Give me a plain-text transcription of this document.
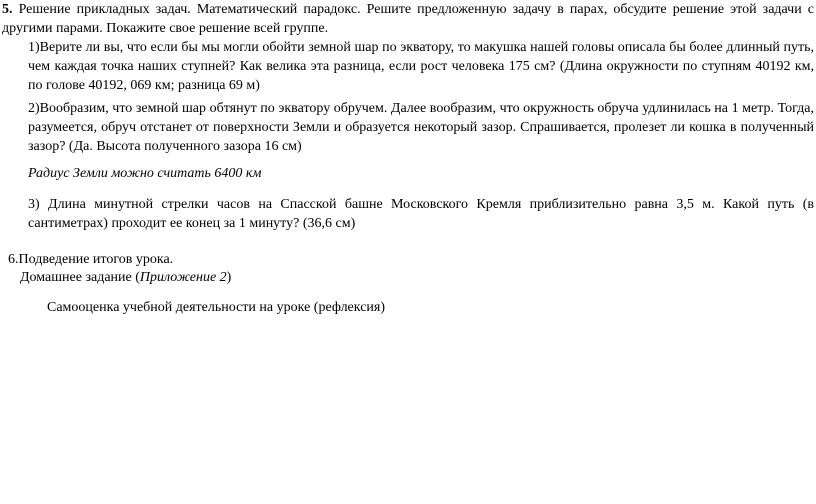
5. Решение прикладных задач. Математический парадокс. Решите предложенную задачу в парах, обсудите решение этой задачи с другими парами. Покажите свое решение всей группе.
1)Верите ли вы, что если бы мы могли обойти земной шар по экватору, то макушка нашей головы описала бы более длинный путь, чем каждая точка наших ступней? Как велика эта разница, если рост человека 175 см? (Длина окружности по ступням 40192 км, по голове 40192, 069 км; разница 69 м)
2)Вообразим, что земной шар обтянут по экватору обручем. Далее вообразим, что окружность обруча удлинилась на 1 метр. Тогда, разумеется, обруч отстанет от поверхности Земли и образуется некоторый зазор. Спрашивается, пролезет ли кошка в полученный зазор? (Да. Высота полученного зазора 16 см)
Радиус Земли можно считать 6400 км
3) Длина минутной стрелки часов на Спасской башне Московского Кремля приблизительно равна 3,5 м. Какой путь (в сантиметрах) проходит ее конец за 1 минуту? (36,6 см)
6.Подведение итогов урока.
Домашнее задание (Приложение 2)
Самооценка учебной деятельности на уроке (рефлексия)
